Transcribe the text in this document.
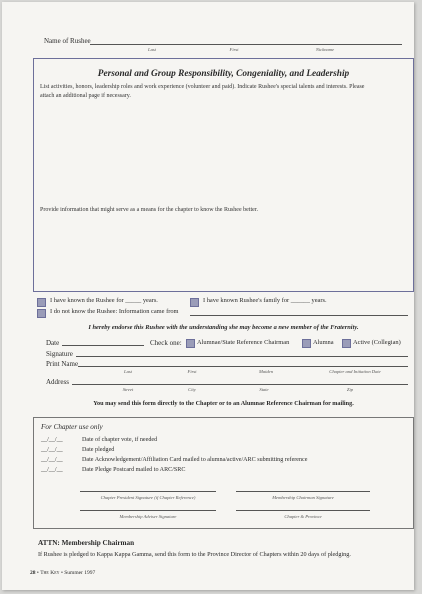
Name of Rushee
Last	First	Nickname
Personal and Group Responsibility, Congeniality, and Leadership
List activities, honors, leadership roles and work experience (volunteer and paid). Indicate Rushee's special talents and interests. Please attach an additional page if necessary.
Provide information that might serve as a means for the chapter to know the Rushee better.
I have known the Rushee for _____ years.	I have known Rushee's family for ______ years.
I do not know the Rushee: Information came from
I hereby endorse this Rushee with the understanding she may become a new member of the Fraternity.
Date	Check one: Alumnae/State Reference Chairman	Alumna	Active (Collegian)
Signature
Print Name
Last	First	Maiden	Chapter and Initiation Date
Address
Street	City	State	Zip
You may send this form directly to the Chapter or to an Alumnae Reference Chairman for mailing.
For Chapter use only
__/__/__	Date of chapter vote, if needed
__/__/__	Date pledged
__/__/__	Date Acknowledgement/Affiliation Card mailed to alumna/active/ARC submitting reference
__/__/__	Date Pledge Postcard mailed to ARC/SRC
Chapter President Signature (if Chapter Reference)	Membership Chairman Signature
Membership Adviser Signature	Chapter & Province
ATTN: Membership Chairman
If Rushee is pledged to Kappa Kappa Gamma, send this form to the Province Director of Chapters within 20 days of pledging.
28 • The Key • Summer 1997
